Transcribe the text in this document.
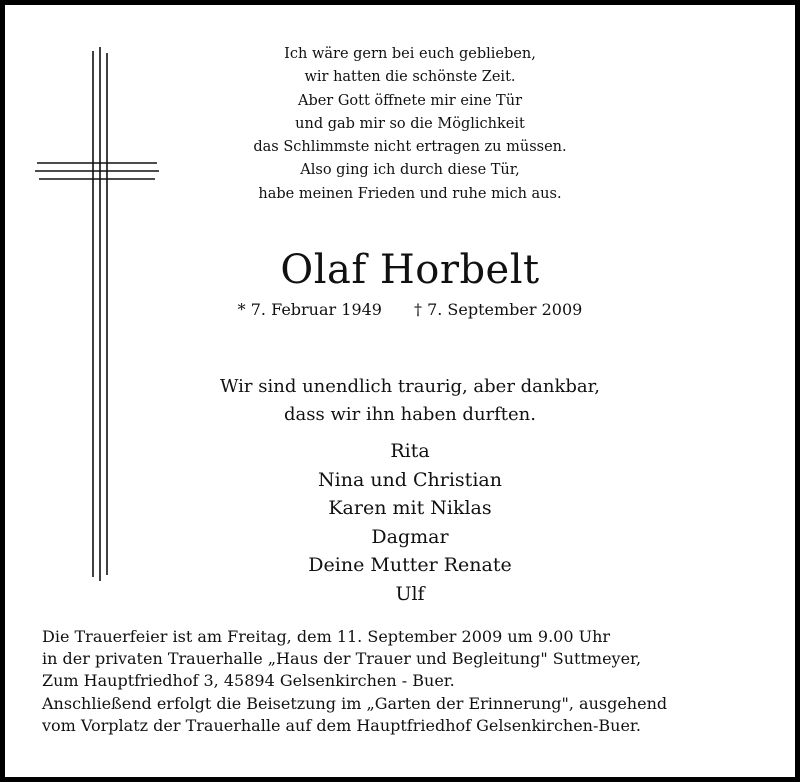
Ich wäre gern bei euch geblieben,
wir hatten die schönste Zeit.
Aber Gott öffnete mir eine Tür
und gab mir so die Möglichkeit
das Schlimmste nicht ertragen zu müssen.
Also ging ich durch diese Tür,
habe meinen Frieden und ruhe mich aus.
Olaf Horbelt
* 7. Februar 1949 † 7. September 2009
Wir sind unendlich traurig, aber dankbar,
dass wir ihn haben durften.
Rita
Nina und Christian
Karen mit Niklas
Dagmar
Deine Mutter Renate
Ulf
Die Trauerfeier ist am Freitag, dem 11. September 2009 um 9.00 Uhr
in der privaten Trauerhalle „Haus der Trauer und Begleitung" Suttmeyer,
Zum Hauptfriedhof 3, 45894 Gelsenkirchen - Buer.
Anschließend erfolgt die Beisetzung im „Garten der Erinnerung", ausgehend
vom Vorplatz der Trauerhalle auf dem Hauptfriedhof Gelsenkirchen-Buer.
